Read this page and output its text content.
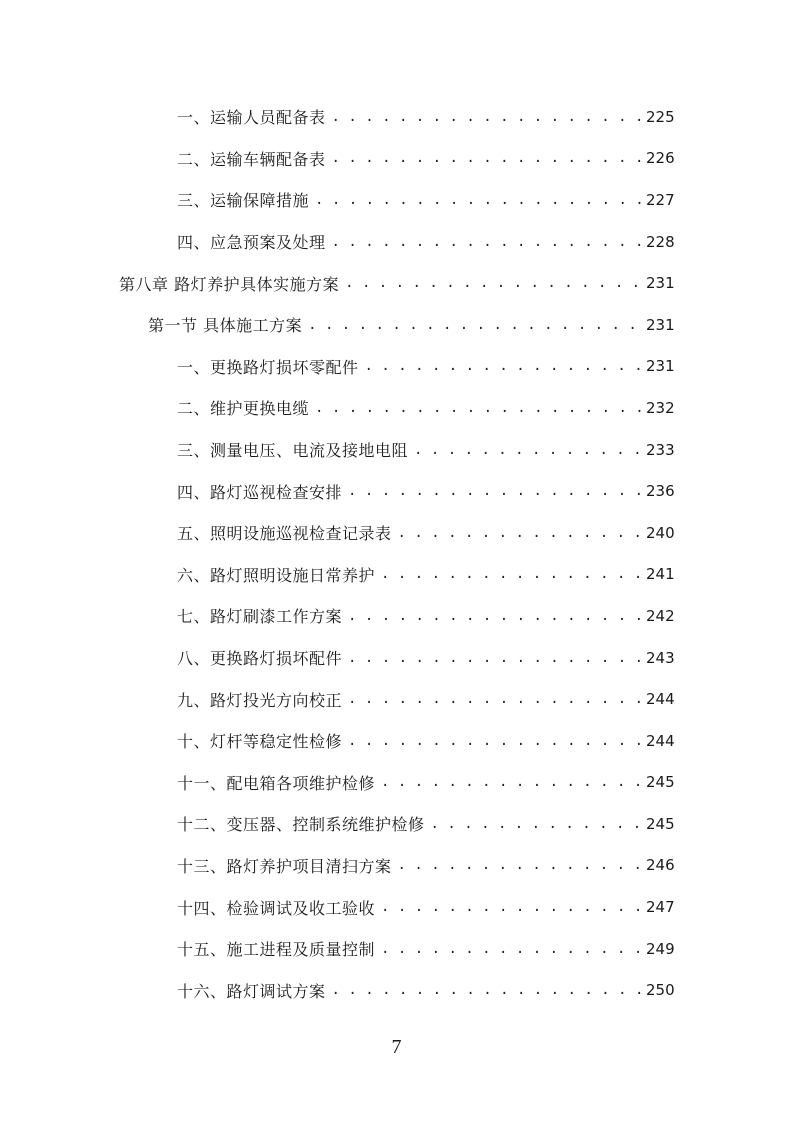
一、运输人员配备表 . . .	225
二、运输车辆配备表 . . .	226
三、运输保障措施 . . .	227
四、应急预案及处理 . . .	228
第八章 路灯养护具体实施方案 . . .	231
第一节 具体施工方案 . . .	231
一、更换路灯损坏零配件 . . .	231
二、维护更换电缆 . . .	232
三、测量电压、电流及接地电阻 . . .	233
四、路灯巡视检查安排 . . .	236
五、照明设施巡视检查记录表 . . .	240
六、路灯照明设施日常养护 . . .	241
七、路灯刷漆工作方案 . . .	242
八、更换路灯损坏配件 . . .	243
九、路灯投光方向校正 . . .	244
十、灯杆等稳定性检修 . . .	244
十一、配电箱各项维护检修 . . .	245
十二、变压器、控制系统维护检修 . . .	245
十三、路灯养护项目清扫方案 . . .	246
十四、检验调试及收工验收 . . .	247
十五、施工进程及质量控制 . . .	249
十六、路灯调试方案 . . .	250
7
